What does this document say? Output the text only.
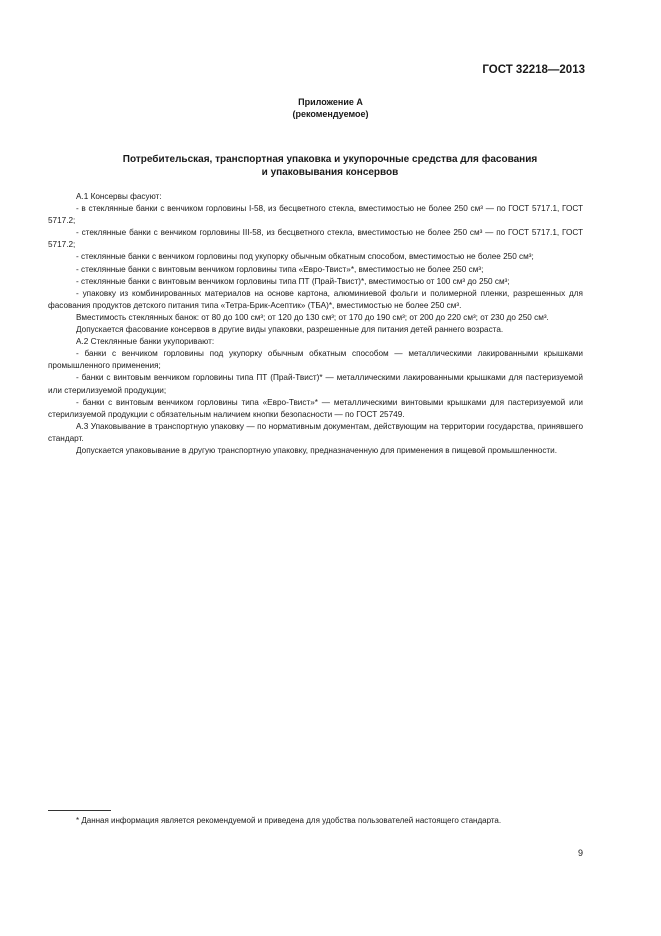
ГОСТ 32218—2013
Приложение А
(рекомендуемое)
Потребительская, транспортная упаковка и укупорочные средства для фасования
и упаковывания консервов

А.1 Консервы фасуют:

- в стеклянные банки с венчиком горловины I-58, из бесцветного стекла, вместимостью не более 250 см³ — по ГОСТ 5717.1, ГОСТ 5717.2;

- стеклянные банки с венчиком горловины III-58, из бесцветного стекла, вместимостью не более 250 см³ — по ГОСТ 5717.1, ГОСТ 5717.2;

- стеклянные банки с венчиком горловины под укупорку обычным обкатным способом, вместимостью не более 250 см³;

- стеклянные банки с винтовым венчиком горловины типа «Евро-Твист»*, вместимостью не более 250 см³;

- стеклянные банки с винтовым венчиком горловины типа ПТ (Прай-Твист)*, вместимостью от 100 см³ до 250 см³;

- упаковку из комбинированных материалов на основе картона, алюминиевой фольги и полимерной пленки, разрешенных для фасования продуктов детского питания типа «Тетра-Брик-Асептик» (ТБА)*, вместимостью не более 250 см³.

Вместимость стеклянных банок: от 80 до 100 см³; от 120 до 130 см³; от 170 до 190 см³; от 200 до 220 см³; от 230 до 250 см³.

Допускается фасование консервов в другие виды упаковки, разрешенные для питания детей раннего возраста.

А.2 Стеклянные банки укупоривают:

- банки с венчиком горловины под укупорку обычным обкатным способом — металлическими лакированными крышками промышленного применения;

- банки с винтовым венчиком горловины типа ПТ (Прай-Твист)* — металлическими лакированными крышками для пастеризуемой или стерилизуемой продукции;

- банки с винтовым венчиком горловины типа «Евро-Твист»* — металлическими винтовыми крышками для пастеризуемой или стерилизуемой продукции с обязательным наличием кнопки безопасности — по ГОСТ 25749.

А.3 Упаковывание в транспортную упаковку — по нормативным документам, действующим на территории государства, принявшего стандарт.

Допускается упаковывание в другую транспортную упаковку, предназначенную для применения в пищевой промышленности.

* Данная информация является рекомендуемой и приведена для удобства пользователей настоящего стандарта.

9
